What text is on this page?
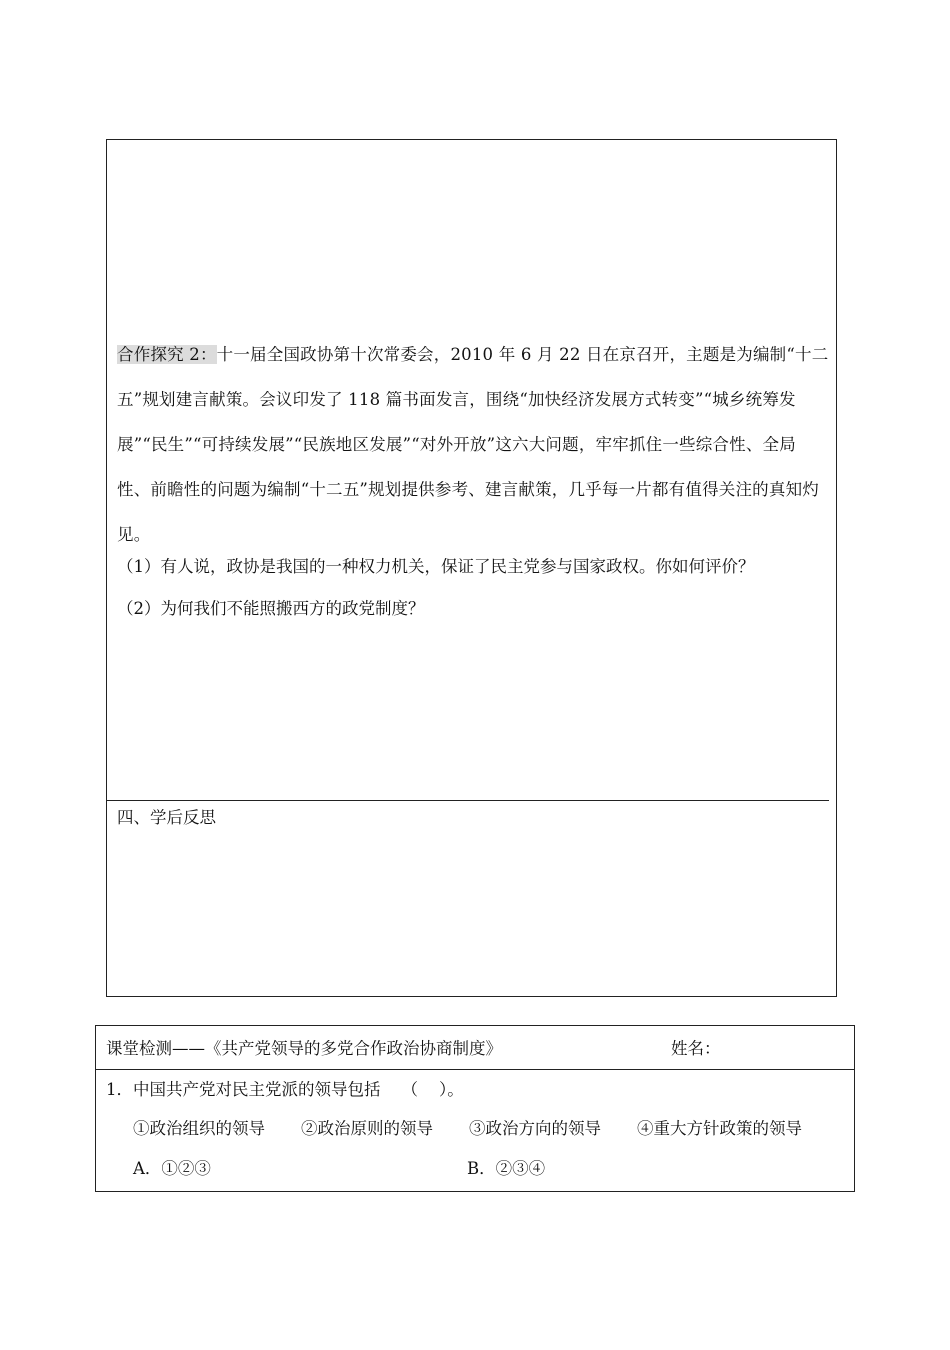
合作探究 2：十一届全国政协第十次常委会，2010 年 6 月 22 日在京召开，主题是为编制“十二五”规划建言献策。会议印发了 118 篇书面发言，围绕“加快经济发展方式转变”“城乡统筹发展”“民生”“可持续发展”“民族地区发展”“对外开放”这六大问题，牢牢抓住一些综合性、全局性、前瞻性的问题为编制“十二五”规划提供参考、建言献策，几乎每一片都有值得关注的真知灼见。
（1）有人说，政协是我国的一种权力机关，保证了民主党参与国家政权。你如何评价？
（2）为何我们不能照搬西方的政党制度？
四、学后反思
课堂检测——《共产党领导的多党合作政治协商制度》	姓名：
1．中国共产党对民主党派的领导包括    （    ）。
①政治组织的领导 ②政治原则的领导 ③政治方向的领导 ④重大方针政策的领导
A．①②③	B．②③④
